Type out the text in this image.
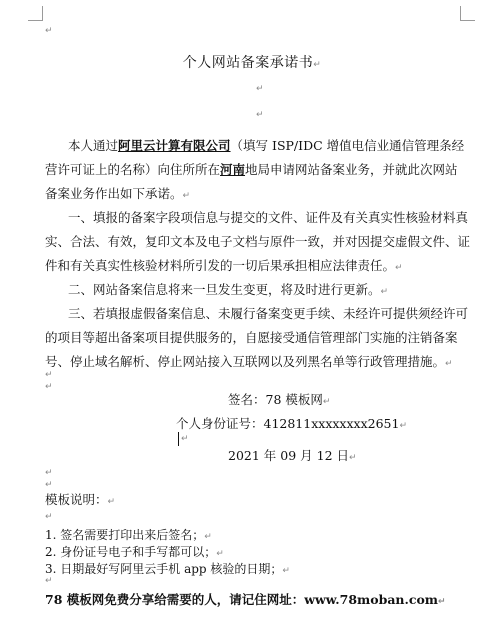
↵
个人网站备案承诺书↵
↵
↵
本人通过阿里云计算有限公司（填写 ISP/IDC 增值电信业通信管理条经
营许可证上的名称）向住所所在河南地局申请网站备案业务，并就此次网站
备案业务作出如下承诺。↵
一、填报的备案字段项信息与提交的文件、证件及有关真实性核验材料真
实、合法、有效，复印文本及电子文档与原件一致，并对因提交虚假文件、证
件和有关真实性核验材料所引发的一切后果承担相应法律责任。↵
二、网站备案信息将来一旦发生变更，将及时进行更新。↵
三、若填报虚假备案信息、未履行备案变更手续、未经许可提供须经许可
的项目等超出备案项目提供服务的，自愿接受通信管理部门实施的注销备案
号、停止域名解析、停止网站接入互联网以及列黑名单等行政管理措施。↵
↵
↵
签名：78 模板网↵
个人身份证号：412811xxxxxxxx2651↵
↵
2021 年 09 月 12 日↵
↵
↵
模板说明：↵
↵
1. 签名需要打印出来后签名；↵
2. 身份证号电子和手写都可以；↵
3. 日期最好写阿里云手机 app 核验的日期；↵
↵
78 模板网免费分享给需要的人，请记住网址：www.78moban.com↵
